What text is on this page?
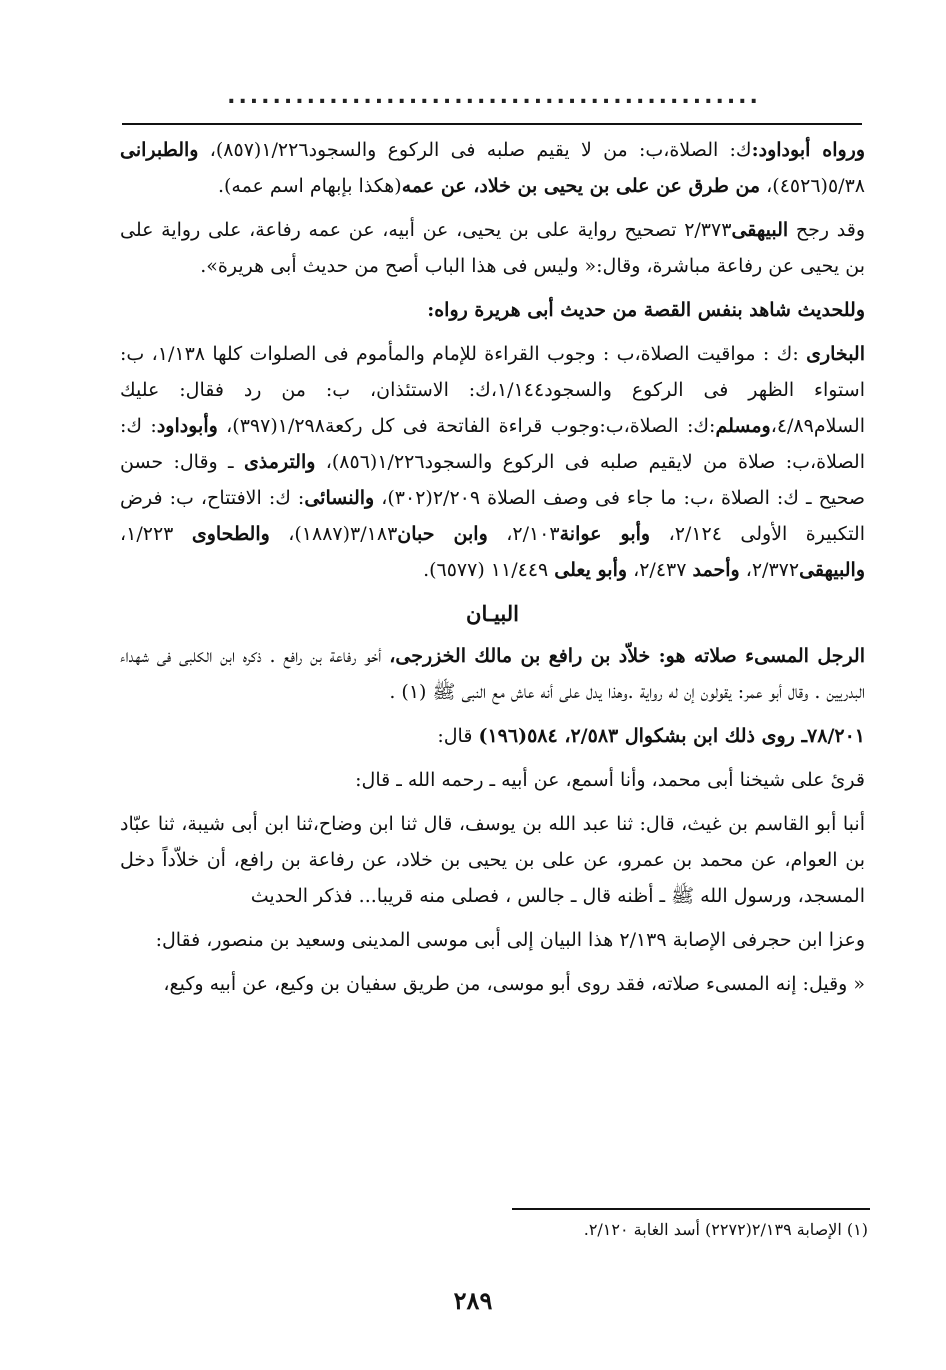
...............................................

ورواه أبوداود:ك: الصلاة،ب: من لا يقيم صلبه فى الركوع والسجود١/٢٢٦(٨٥٧)، والطبرانى ٥/٣٨(٤٥٢٦)، من طرق عن على بن يحيى بن خلاد، عن عمه(هكذا بإبهام اسم عمه).

وقد رجح البيهقى٢/٣٧٣ تصحيح رواية على بن يحيى، عن أبيه، عن عمه رفاعة، على رواية على بن يحيى عن رفاعة مباشرة، وقال:« وليس فى هذا الباب أصح من حديث أبى هريرة».

وللحديث شاهد بنفس القصة من حديث أبى هريرة رواه:

البخارى :ك : مواقيت الصلاة،ب : وجوب القراءة للإمام والمأموم فى الصلوات كلها ١/١٣٨، ب: استواء الظهر فى الركوع والسجود١/١٤٤،ك: الاستئذان، ب: من رد فقال: عليك السلام٤/٨٩،ومسلم:ك: الصلاة،ب:وجوب قراءة الفاتحة فى كل ركعة١/٢٩٨(٣٩٧)، وأبوداود: ك: الصلاة،ب: صلاة من لايقيم صلبه فى الركوع والسجود١/٢٢٦(٨٥٦)، والترمذى ـ وقال: حسن صحيح ـ ك: الصلاة ،ب: ما جاء فى وصف الصلاة ٢/٢٠٩(٣٠٢)، والنسائى: ك: الافتتاح، ب: فرض التكبيرة الأولى ٢/١٢٤، وأبو عوانة٢/١٠٣، وابن حبان٣/١٨٣(١٨٨٧)، والطحاوى ١/٢٢٣، والبيهقى٢/٣٧٢، وأحمد ٢/٤٣٧، وأبو يعلى ١١/٤٤٩ (٦٥٧٧).

البيـان

الرجل المسىء صلاته هو: خلاّد بن رافع بن مالك الخزرجى، أخو رفاعة بن رافع . ذكره ابن الكلبى فى شهداء البدريين . وقال أبو عمر: يقولون إن له رواية .وهذا يدل على أنه عاش مع النبى ﷺ (١) .

٧٨/٢٠١ـ روى ذلك ابن بشكوال ٢/٥٨٣، ٥٨٤(١٩٦) قال:

قرئ على شيخنا أبى محمد، وأنا أسمع، عن أبيه ـ رحمه الله ـ قال:

أنبا أبو القاسم بن غيث، قال: ثنا عبد الله بن يوسف، قال ثنا ابن وضاح،ثنا ابن أبى شيبة، ثنا عبّاد بن العوام، عن محمد بن عمرو، عن على بن يحيى بن خلاد، عن رفاعة بن رافع، أن خلاّداً دخل المسجد، ورسول الله ﷺ ـ أظنه قال ـ جالس ، فصلى منه قريبا... فذكر الحديث

وعزا ابن حجرفى الإصابة ٢/١٣٩ هذا البيان إلى أبى موسى المدينى وسعيد بن منصور، فقال:

« وقيل: إنه المسىء صلاته، فقد روى أبو موسى، من طريق سفيان بن وكيع، عن أبيه وكيع،

(١) الإصابة ٢/١٣٩(٢٢٧٢) أسد الغابة ٢/١٢٠.
٢٨٩
